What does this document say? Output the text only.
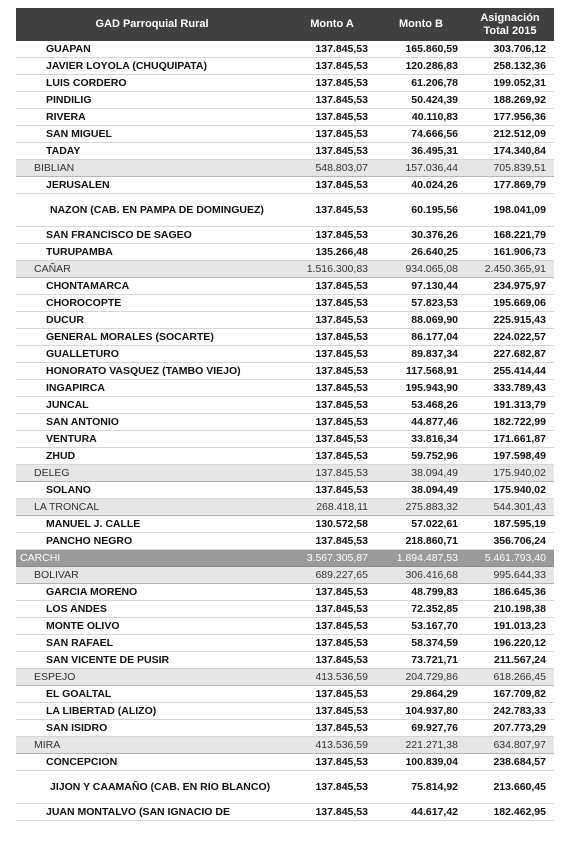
GAD Parroquial Rural	Monto A	Monto B	Asignación
Total 2015
GUAPAN	137.845,53	165.860,59	303.706,12
JAVIER LOYOLA (CHUQUIPATA)	137.845,53	120.286,83	258.132,36
LUIS CORDERO	137.845,53	61.206,78	199.052,31
PINDILIG	137.845,53	50.424,39	188.269,92
RIVERA	137.845,53	40.110,83	177.956,36
SAN MIGUEL	137.845,53	74.666,56	212.512,09
TADAY	137.845,53	36.495,31	174.340,84
BIBLIAN	548.803,07	157.036,44	705.839,51
JERUSALEN	137.845,53	40.024,26	177.869,79
NAZON (CAB. EN PAMPA DE DOMINGUEZ)	137.845,53	60.195,56	198.041,09
SAN FRANCISCO DE SAGEO	137.845,53	30.376,26	168.221,79
TURUPAMBA	135.266,48	26.640,25	161.906,73
CAÑAR	1.516.300,83	934.065,08	2.450.365,91
CHONTAMARCA	137.845,53	97.130,44	234.975,97
CHOROCOPTE	137.845,53	57.823,53	195.669,06
DUCUR	137.845,53	88.069,90	225.915,43
GENERAL MORALES (SOCARTE)	137.845,53	86.177,04	224.022,57
GUALLETURO	137.845,53	89.837,34	227.682,87
HONORATO VASQUEZ (TAMBO VIEJO)	137.845,53	117.568,91	255.414,44
INGAPIRCA	137.845,53	195.943,90	333.789,43
JUNCAL	137.845,53	53.468,26	191.313,79
SAN ANTONIO	137.845,53	44.877,46	182.722,99
VENTURA	137.845,53	33.816,34	171.661,87
ZHUD	137.845,53	59.752,96	197.598,49
DELEG	137.845,53	38.094,49	175.940,02
SOLANO	137.845,53	38.094,49	175.940,02
LA TRONCAL	268.418,11	275.883,32	544.301,43
MANUEL J. CALLE	130.572,58	57.022,61	187.595,19
PANCHO NEGRO	137.845,53	218.860,71	356.706,24
CARCHI	3.567.305,87	1.894.487,53	5.461.793,40
BOLIVAR	689.227,65	306.416,68	995.644,33
GARCIA MORENO	137.845,53	48.799,83	186.645,36
LOS ANDES	137.845,53	72.352,85	210.198,38
MONTE OLIVO	137.845,53	53.167,70	191.013,23
SAN RAFAEL	137.845,53	58.374,59	196.220,12
SAN VICENTE DE PUSIR	137.845,53	73.721,71	211.567,24
ESPEJO	413.536,59	204.729,86	618.266,45
EL GOALTAL	137.845,53	29.864,29	167.709,82
LA LIBERTAD (ALIZO)	137.845,53	104.937,80	242.783,33
SAN ISIDRO	137.845,53	69.927,76	207.773,29
MIRA	413.536,59	221.271,38	634.807,97
CONCEPCION	137.845,53	100.839,04	238.684,57
JIJON Y CAAMAÑO (CAB. EN RIO BLANCO)	137.845,53	75.814,92	213.660,45
JUAN MONTALVO (SAN IGNACIO DE	137.845,53	44.617,42	182.462,95
